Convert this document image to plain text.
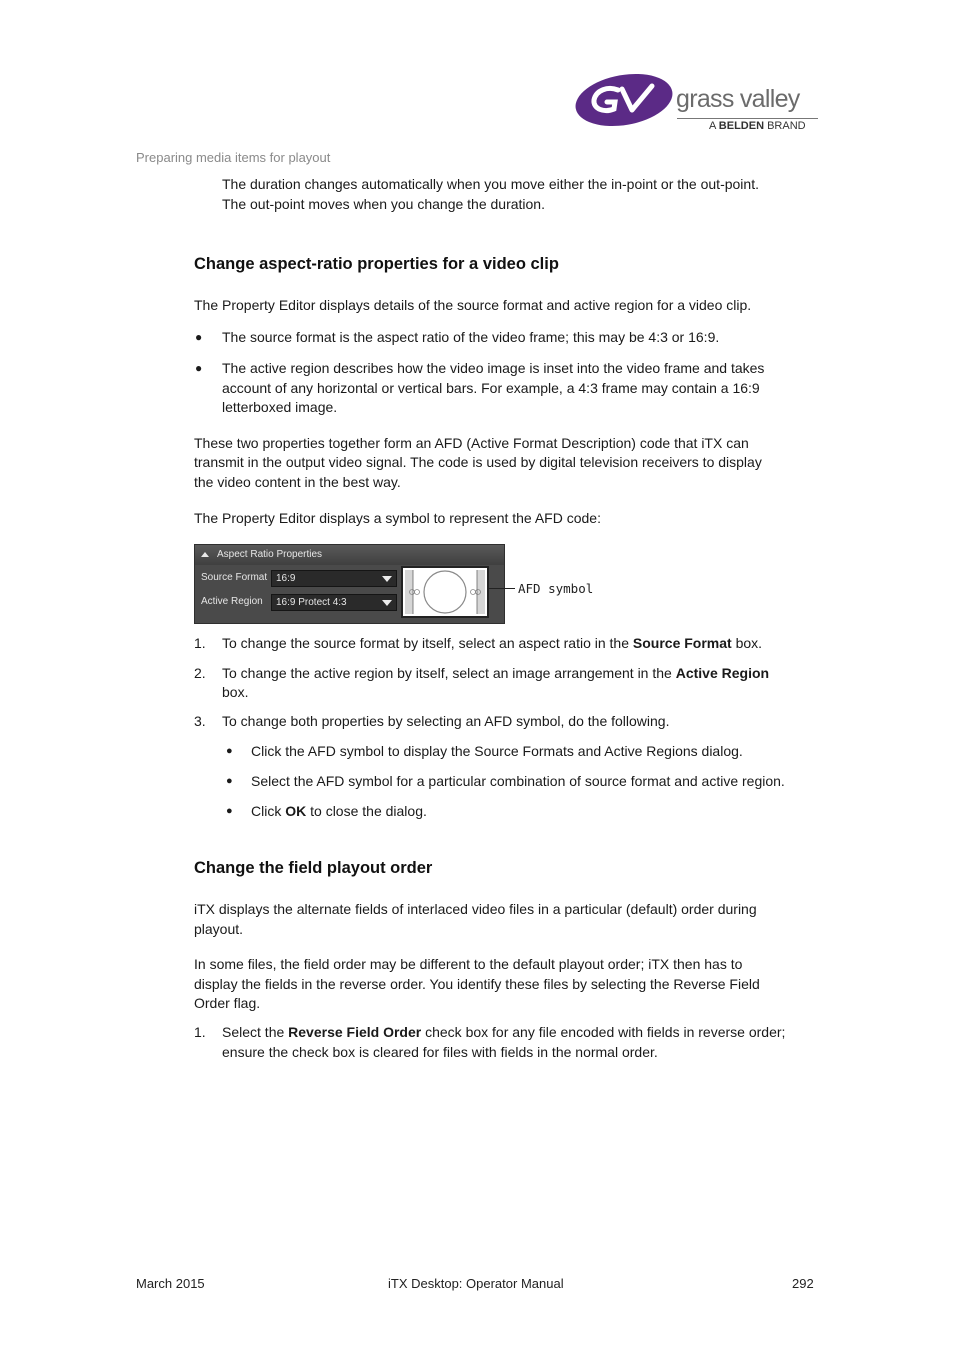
grass valley
A BELDEN BRAND
Preparing media items for playout

The duration changes automatically when you move either the in-point or the out-point.

The out-point moves when you change the duration.

Change aspect-ratio properties for a video clip

The Property Editor displays details of the source format and active region for a video clip.

● The source format is the aspect ratio of the video frame; this may be 4:3 or 16:9.

● The active region describes how the video image is inset into the video frame and takes

account of any horizontal or vertical bars. For example, a 4:3 frame may contain a 16:9

letterboxed image.

These two properties together form an AFD (Active Format Description) code that iTX can

transmit in the output video signal. The code is used by digital television receivers to display

the video content in the best way.

The Property Editor displays a symbol to represent the AFD code:

Aspect Ratio Properties
Source Format 16:9
Active Region 16:9 Protect 4:3
AFD symbol
1. To change the source format by itself, select an aspect ratio in the Source Format box.

2. To change the active region by itself, select an image arrangement in the Active Region

box.

3. To change both properties by selecting an AFD symbol, do the following.

● Click the AFD symbol to display the Source Formats and Active Regions dialog.

● Select the AFD symbol for a particular combination of source format and active region.

● Click OK to close the dialog.

Change the field playout order

iTX displays the alternate fields of interlaced video files in a particular (default) order during

playout.

In some files, the field order may be different to the default playout order; iTX then has to

display the fields in the reverse order. You identify these files by selecting the Reverse Field

Order flag.

1. Select the Reverse Field Order check box for any file encoded with fields in reverse order;

ensure the check box is cleared for files with fields in the normal order.

March 2015	iTX Desktop: Operator Manual	292
